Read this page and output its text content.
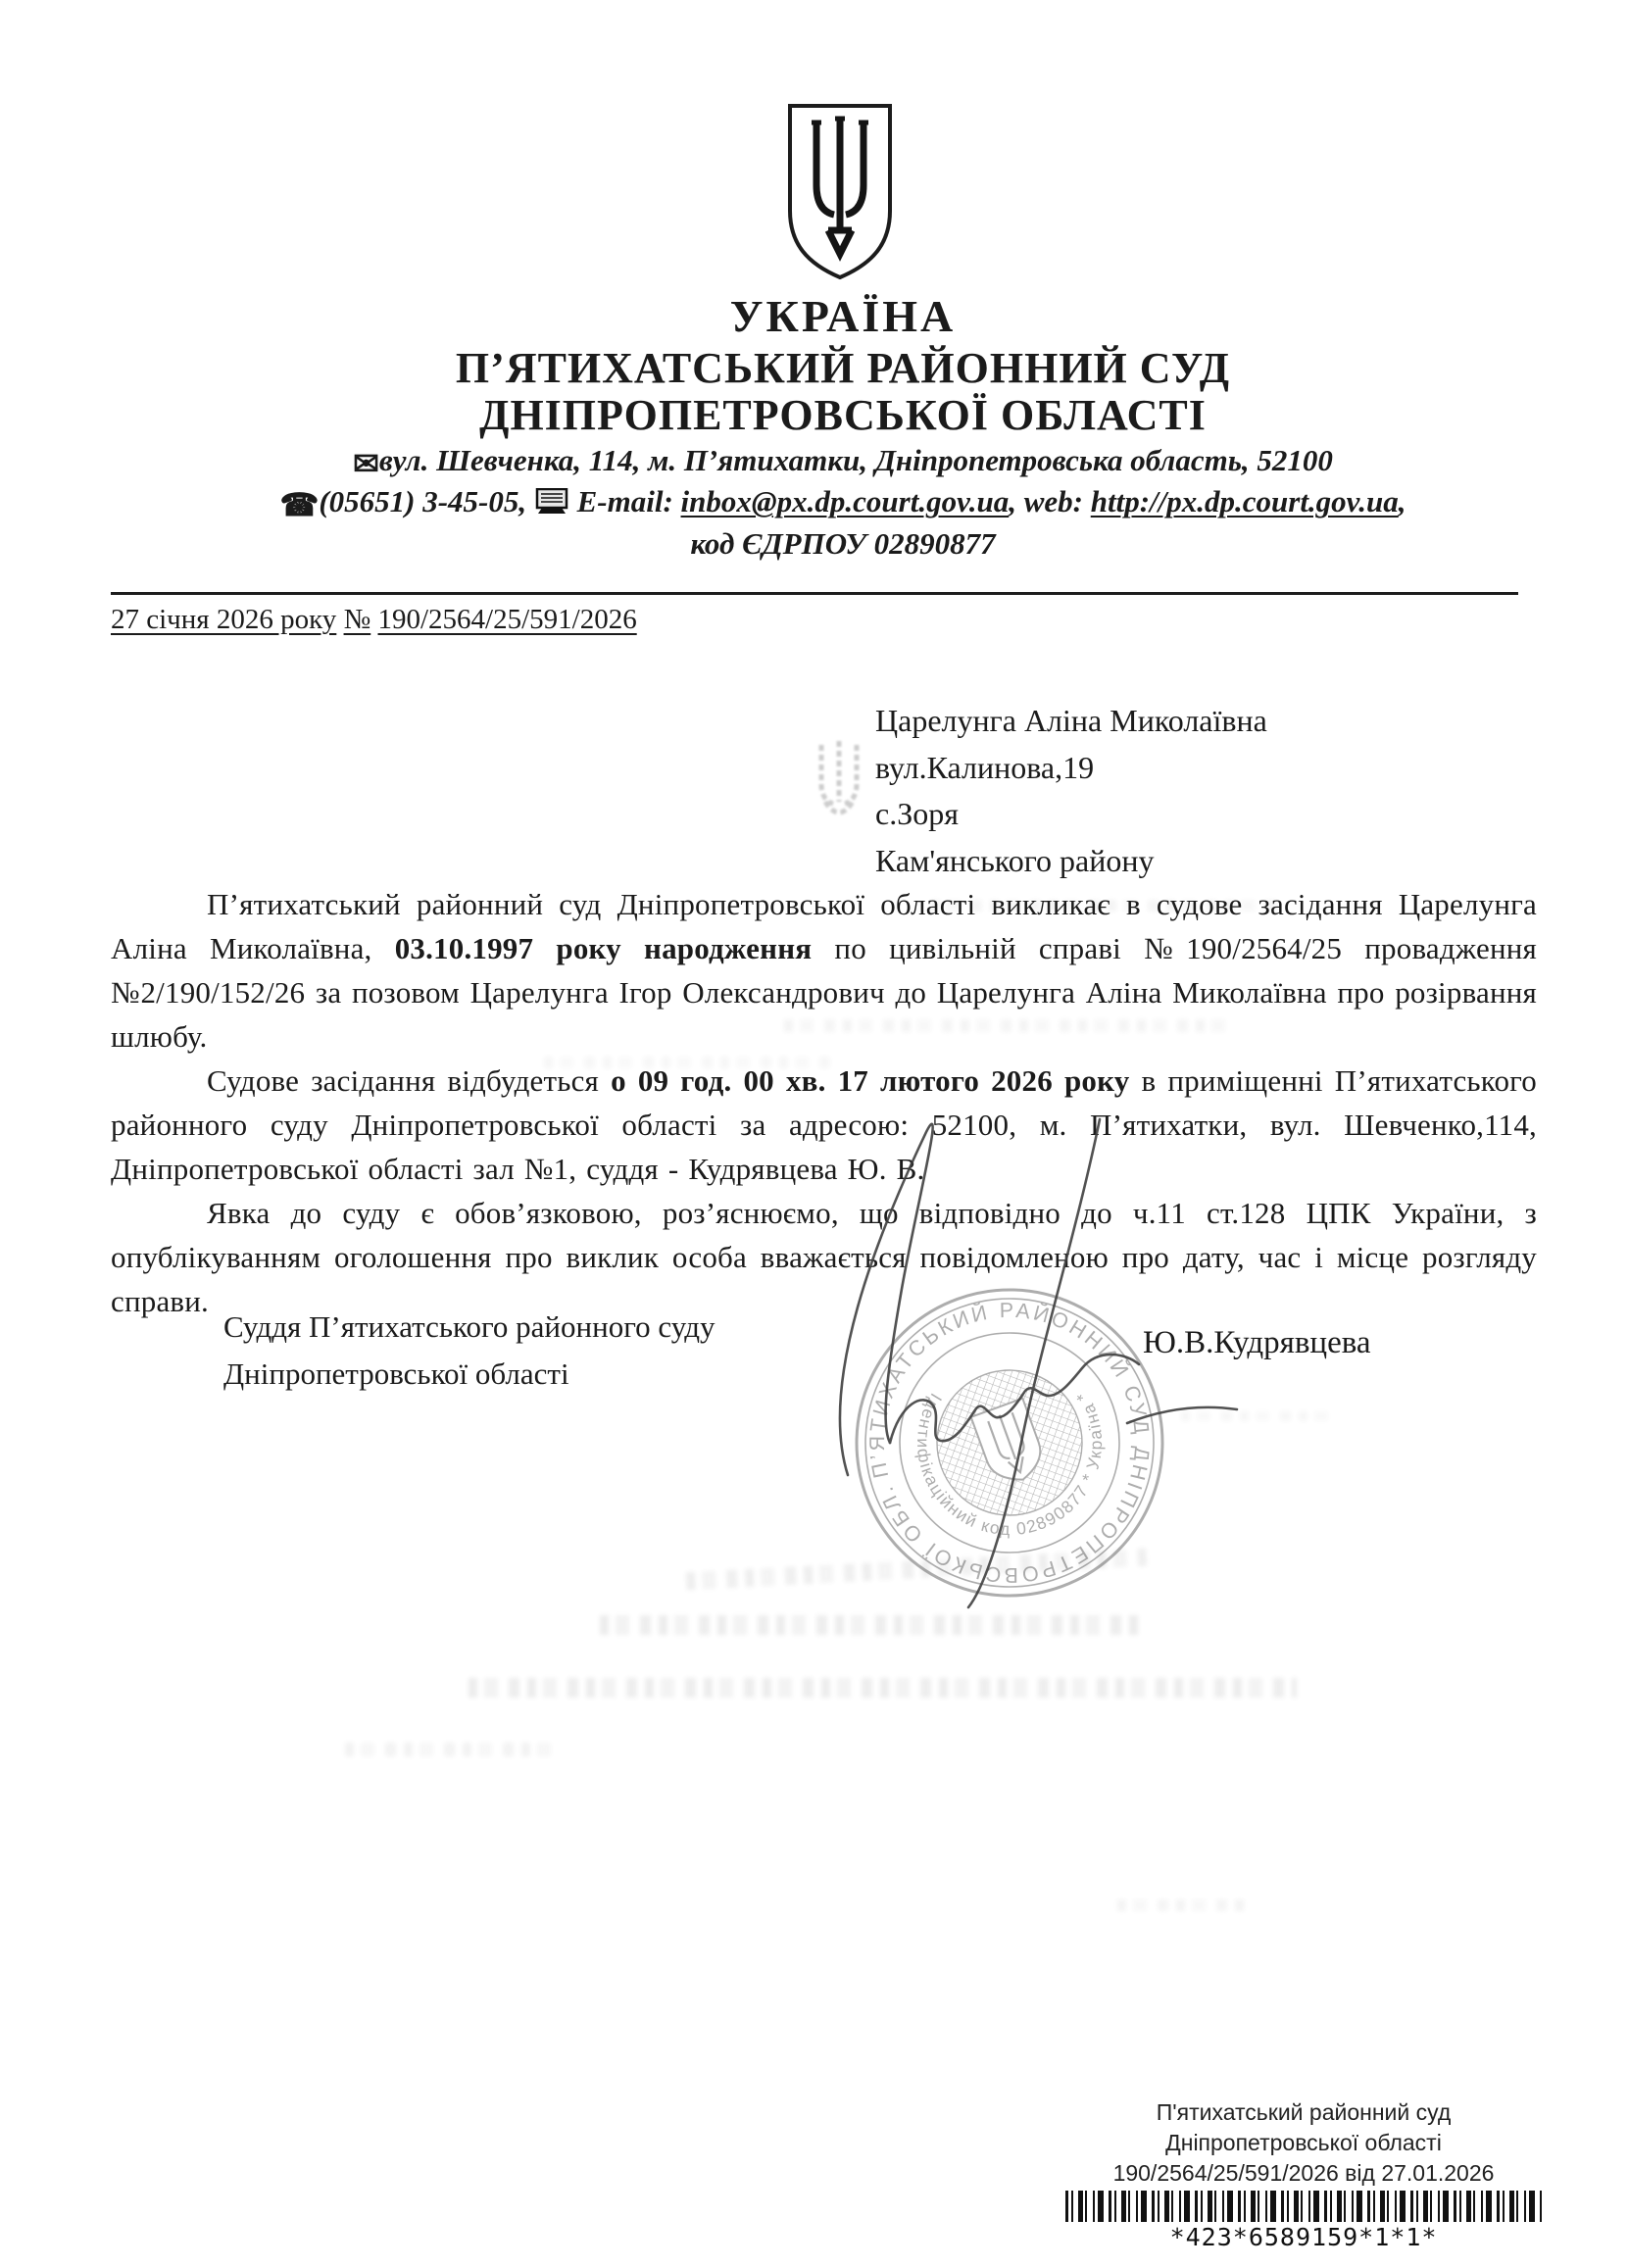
УКРАЇНА
П’ЯТИХАТСЬКИЙ РАЙОННИЙ СУД
ДНІПРОПЕТРОВСЬКОЇ ОБЛАСТІ
✉вул. Шевченка, 114, м. П’ятихатки, Дніпропетровська область, 52100
☎(05651) 3-45-05,  E-mail: inbox@px.dp.court.gov.ua, web: http://px.dp.court.gov.ua,
код ЄДРПОУ 02890877
27 січня 2026 року № 190/2564/25/591/2026
Царелунга Аліна Миколаївна
вул.Калинова,19
с.Зоря
Кам'янського району

П’ятихатський районний суд Дніпропетровської області викликає в судове засідання Царелунга Аліна Миколаївна, 03.10.1997 року народження по цивільній справі №190/2564/25 провадження №2/190/152/26 за позовом Царелунга Ігор Олександрович до Царелунга Аліна Миколаївна про розірвання шлюбу.

Судове засідання відбудеться о 09 год. 00 хв. 17 лютого 2026 року в приміщенні П’ятихатського районного суду Дніпропетровської області за адресою: 52100, м. П’ятихатки, вул. Шевченко,114, Дніпропетровської області зал №1, суддя - Кудрявцева Ю. В.

Явка до суду є обов’язковою, роз’яснюємо, що відповідно до ч.11 ст.128 ЦПК України, з опублікуванням оголошення про виклик особа вважається повідомленою про дату, час і місце розгляду справи.

Суддя П’ятихатського районного суду
Дніпропетровської області
Ю.В.Кудрявцева
П’ЯТИХАТСЬКИЙ РАЙОННИЙ СУД ДНІПРОПЕТРОВСЬКОЇ ОБЛ.
Ідентифікаційний код 02890877 * Україна *
П'ятихатський районний суд
Дніпропетровської області
190/2564/25/591/2026 від 27.01.2026
*423*6589159*1*1*
